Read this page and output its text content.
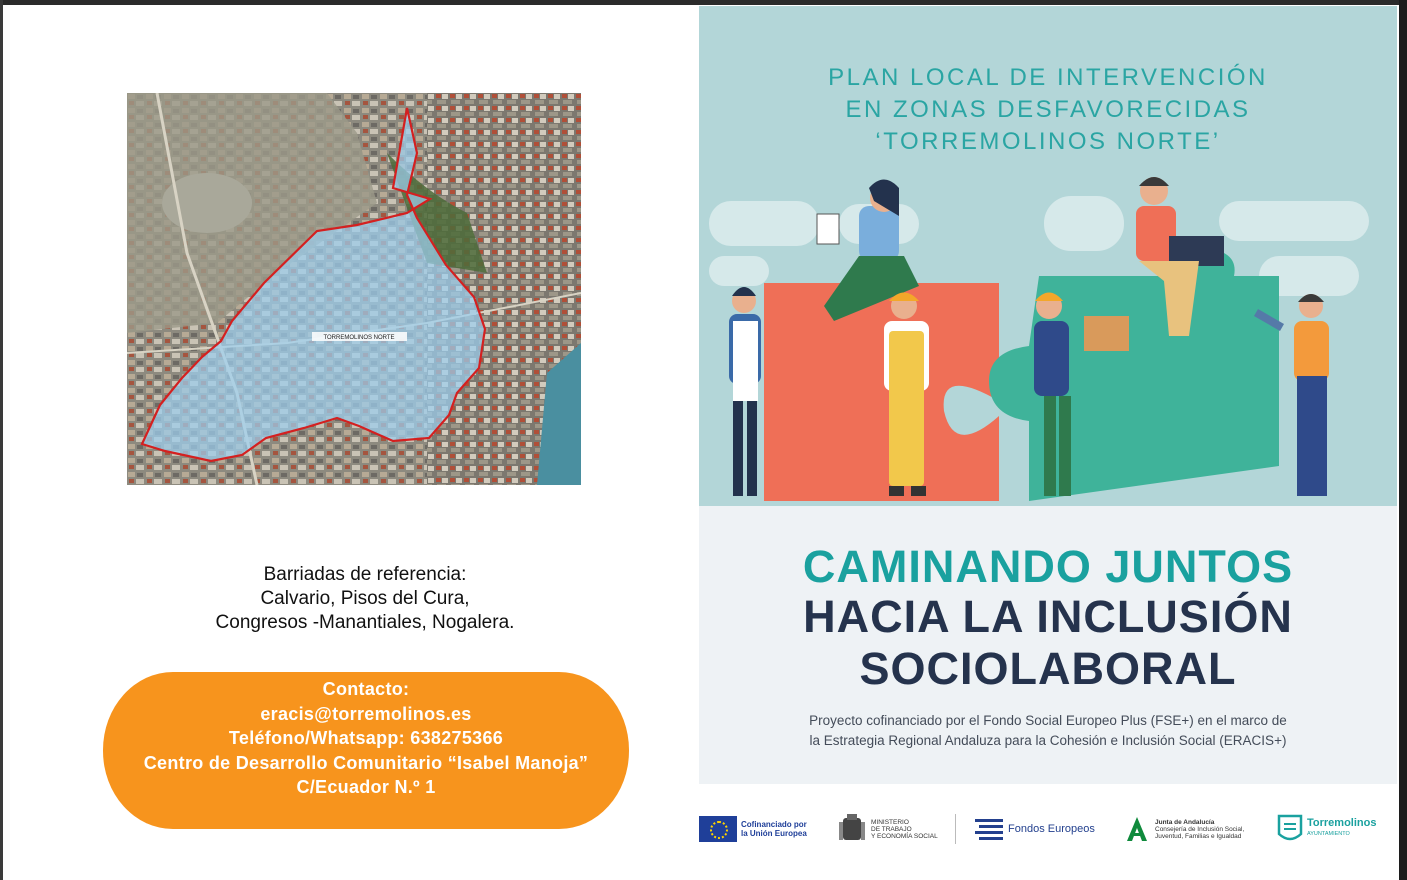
TORREMOLINOS NORTE
Barriadas de referencia:
Calvario, Pisos del Cura,
Congresos -Manantiales, Nogalera.
Contacto:
eracis@torremolinos.es
Teléfono/Whatsapp: 638275366
Centro de Desarrollo Comunitario “Isabel Manoja”
C/Ecuador N.º 1
PLAN LOCAL DE INTERVENCIÓN
EN ZONAS DESFAVORECIDAS
‘TORREMOLINOS NORTE’
CAMINANDO JUNTOS
HACIA LA INCLUSIÓN
SOCIOLABORAL
Proyecto cofinanciado por el Fondo Social Europeo Plus (FSE+) en el marco de
la Estrategia Regional Andaluza para la Cohesión e Inclusión Social (ERACIS+)
Cofinanciado por
la Unión Europea
MINISTERIO
DE TRABAJO
Y ECONOMÍA SOCIAL
Fondos Europeos
Junta de Andalucía
Consejería de Inclusión Social,
Juventud, Familias e Igualdad
Torremolinos
AYUNTAMIENTO
